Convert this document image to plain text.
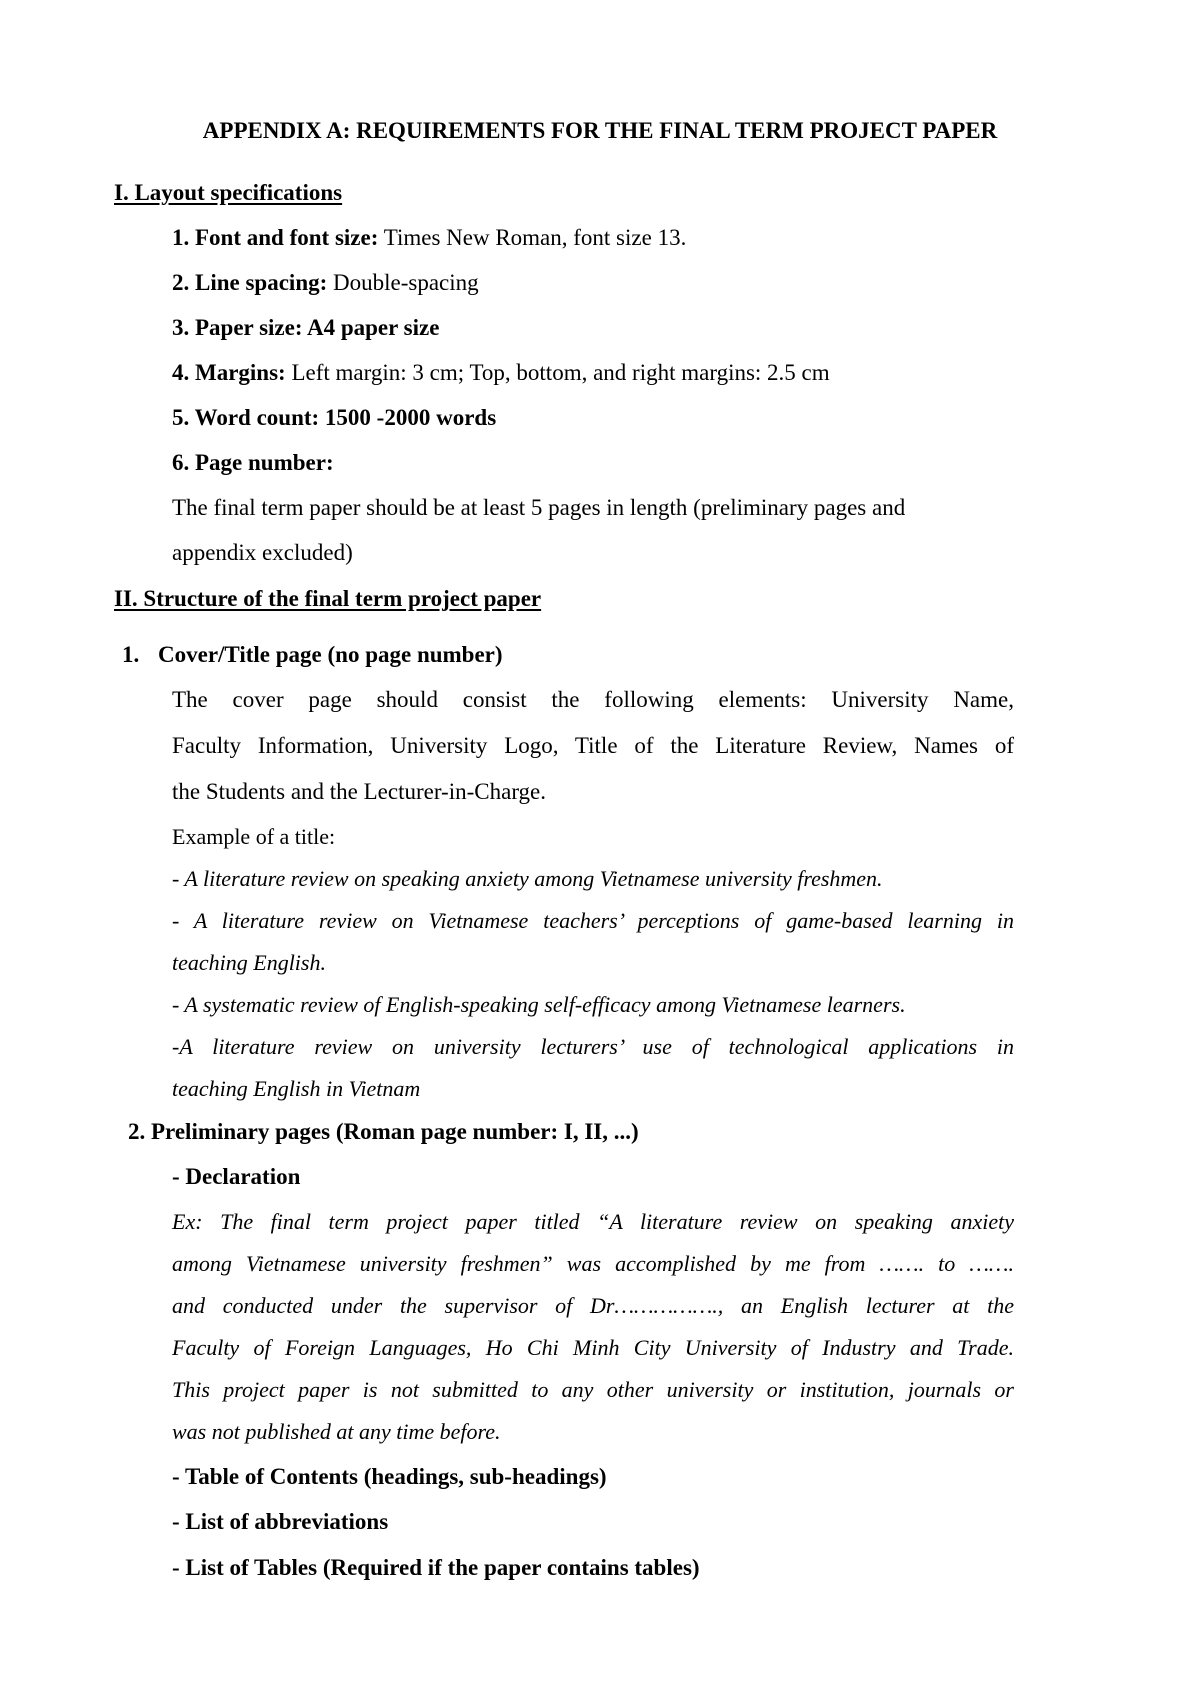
APPENDIX A: REQUIREMENTS FOR THE FINAL TERM PROJECT PAPER
I. Layout specifications
1. Font and font size: Times New Roman, font size 13.
2. Line spacing: Double-spacing
3. Paper size: A4 paper size
4. Margins: Left margin: 3 cm; Top, bottom, and right margins: 2.5 cm
5. Word count: 1500 -2000 words
6. Page number:
The final term paper should be at least 5 pages in length (preliminary pages and
appendix excluded)
II. Structure of the final term project paper
1. Cover/Title page (no page number)
The cover page should consist the following elements: University Name,
Faculty Information, University Logo, Title of the Literature Review, Names of
the Students and the Lecturer-in-Charge.
Example of a title:
- A literature review on speaking anxiety among Vietnamese university freshmen.
- A literature review on Vietnamese teachers’ perceptions of game-based learning in
teaching English.
- A systematic review of English-speaking self-efficacy among Vietnamese learners.
-A literature review on university lecturers’ use of technological applications in
teaching English in Vietnam
2. Preliminary pages (Roman page number: I, II, ...)
- Declaration
Ex: The final term project paper titled “A literature review on speaking anxiety
among Vietnamese university freshmen” was accomplished by me from ……. to …….
and conducted under the supervisor of Dr……………., an English lecturer at the
Faculty of Foreign Languages, Ho Chi Minh City University of Industry and Trade.
This project paper is not submitted to any other university or institution, journals or
was not published at any time before.
- Table of Contents (headings, sub-headings)
- List of abbreviations
- List of Tables (Required if the paper contains tables)
